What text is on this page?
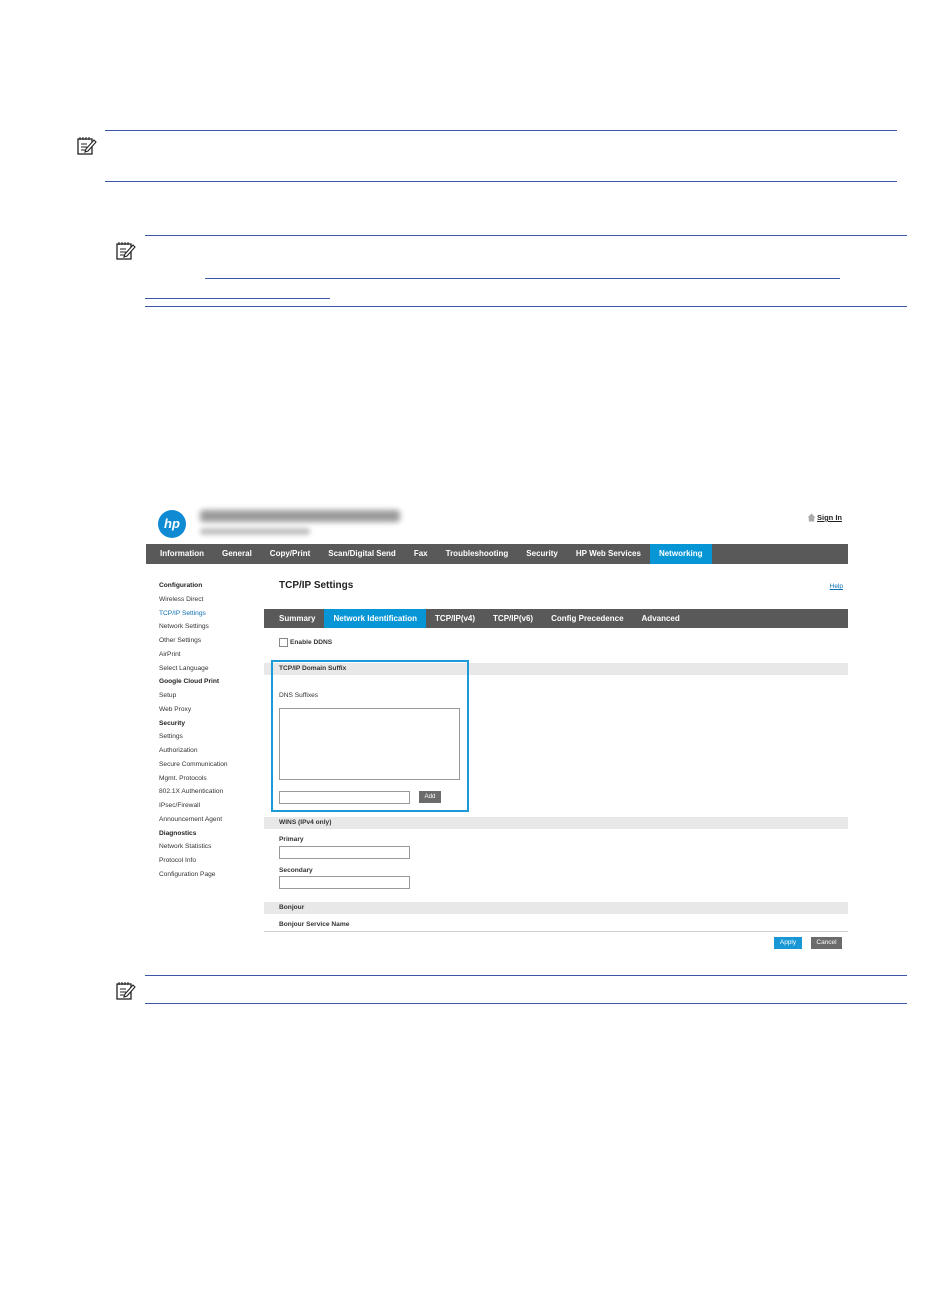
hp	Sign In
Information	General	Copy/Print	Scan/Digital Send	Fax	Troubleshooting	Security	HP Web Services	Networking
Configuration
Wireless Direct
TCP/IP Settings
Network Settings
Other Settings
AirPrint
Select Language
Google Cloud Print
Setup
Web Proxy
Security
Settings
Authorization
Secure Communication
Mgmt. Protocols
802.1X Authentication
IPsec/Firewall
Announcement Agent
Diagnostics
Network Statistics
Protocol Info
Configuration Page
TCP/IP Settings	Help
Summary	Network Identification	TCP/IP(v4)	TCP/IP(v6)	Config Precedence	Advanced
Enable DDNS
TCP/IP Domain Suffix
DNS Suffixes
Add
WINS (IPv4 only)
Primary
Secondary
Bonjour
Bonjour Service Name
Apply	Cancel
